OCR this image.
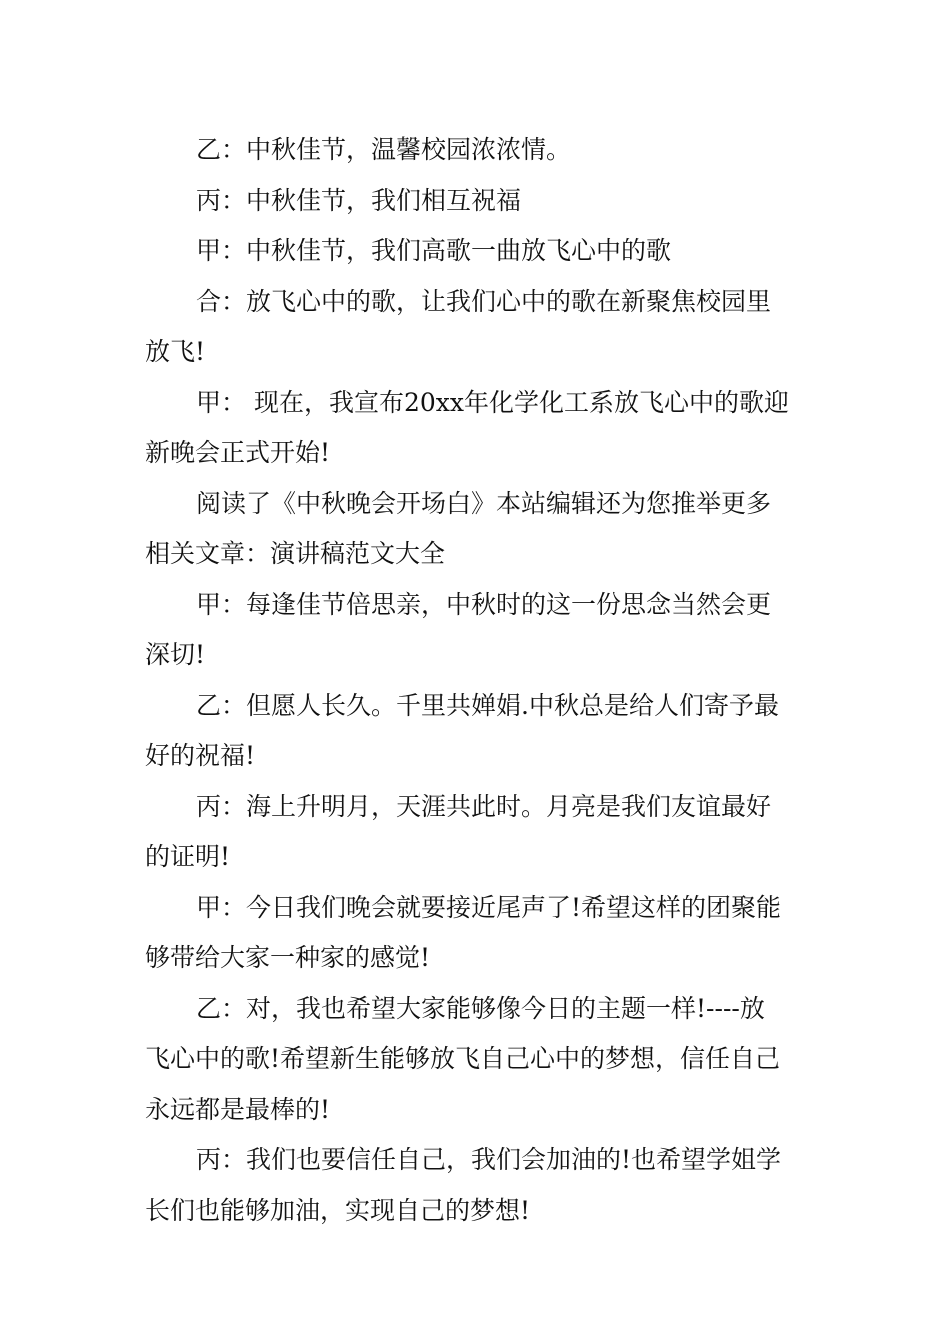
乙：中秋佳节，温馨校园浓浓情。

丙：中秋佳节，我们相互祝福

甲：中秋佳节，我们高歌一曲放飞心中的歌

合：放飞心中的歌，让我们心中的歌在新聚焦校园里
放飞!

甲： 现在，我宣布20xx年化学化工系放飞心中的歌迎
新晚会正式开始!

阅读了《中秋晚会开场白》本站编辑还为您推举更多
相关文章：演讲稿范文大全

甲：每逢佳节倍思亲，中秋时的这一份思念当然会更
深切!

乙：但愿人长久。千里共婵娟.中秋总是给人们寄予最
好的祝福!

丙：海上升明月，天涯共此时。月亮是我们友谊最好
的证明!

甲：今日我们晚会就要接近尾声了!希望这样的团聚能
够带给大家一种家的感觉!

乙：对，我也希望大家能够像今日的主题一样!----放
飞心中的歌!希望新生能够放飞自己心中的梦想，信任自己
永远都是最棒的!

丙：我们也要信任自己，我们会加油的!也希望学姐学
长们也能够加油，实现自己的梦想!
